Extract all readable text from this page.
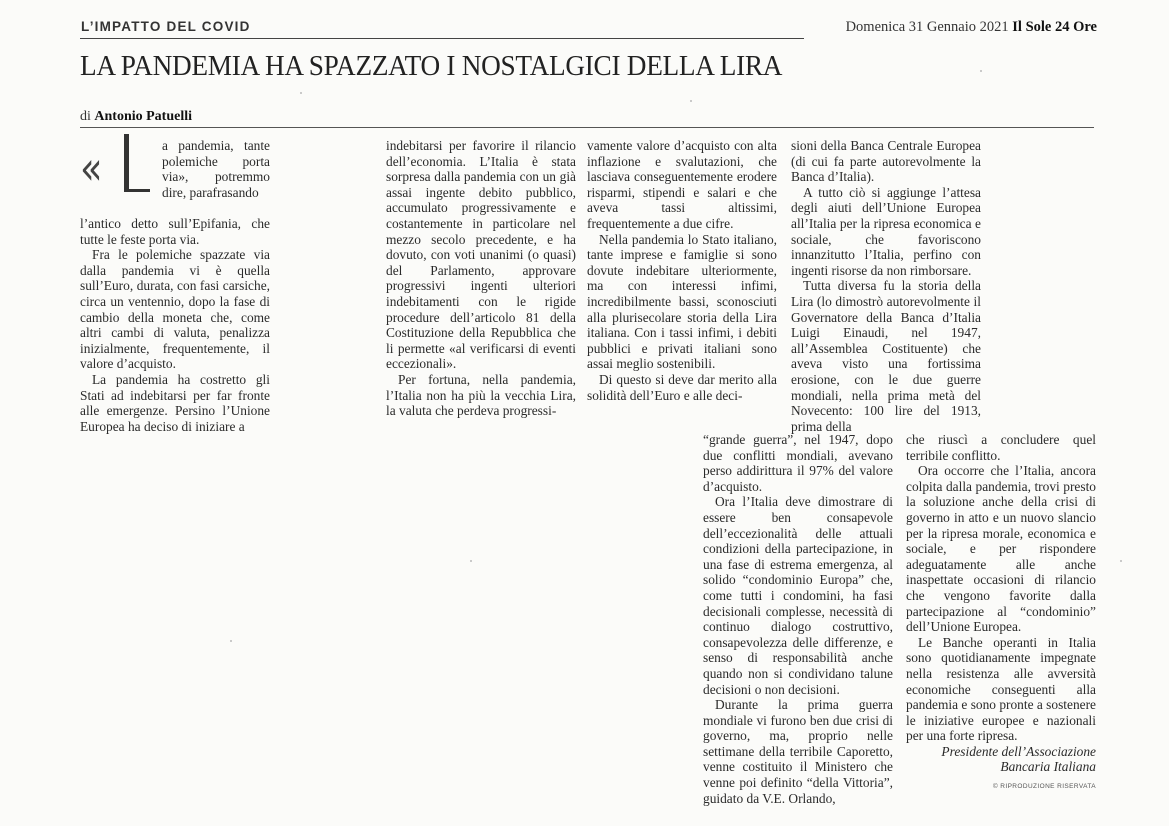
L’IMPATTO DEL COVID	Domenica 31 Gennaio 2021 Il Sole 24 Ore
LA PANDEMIA HA SPAZZATO I NOSTALGICI DELLA LIRA
di Antonio Patuelli
«	a pandemia, tante polemiche porta via», potremmo dire, parafrasando

l’antico detto sull’Epifania, che tutte le feste porta via.

Fra le polemiche spazzate via dalla pandemia vi è quella sull’Euro, durata, con fasi carsiche, circa un ventennio, dopo la fase di cambio della moneta che, come altri cambi di valuta, penalizza inizialmente, frequentemente, il valore d’acquisto.

La pandemia ha costretto gli Stati ad indebitarsi per far fronte alle emergenze. Persino l’Unione Europea ha deciso di iniziare a

indebitarsi per favorire il rilancio dell’economia. L’Italia è stata sorpresa dalla pandemia con un già assai ingente debito pubblico, accumulato progressivamente e costantemente in particolare nel mezzo secolo precedente, e ha dovuto, con voti unanimi (o quasi) del Parlamento, approvare progressivi ingenti ulteriori indebitamenti con le rigide procedure dell’articolo 81 della Costituzione della Repubblica che li permette «al verificarsi di eventi eccezionali».

Per fortuna, nella pandemia, l’Italia non ha più la vecchia Lira, la valuta che perdeva progressi-

vamente valore d’acquisto con alta inflazione e svalutazioni, che lasciava conseguentemente erodere risparmi, stipendi e salari e che aveva tassi altissimi, frequentemente a due cifre.

Nella pandemia lo Stato italiano, tante imprese e famiglie si sono dovute indebitare ulteriormente, ma con interessi infimi, incredibilmente bassi, sconosciuti alla plurisecolare storia della Lira italiana. Con i tassi infimi, i debiti pubblici e privati italiani sono assai meglio sostenibili.

Di questo si deve dar merito alla solidità dell’Euro e alle deci-

sioni della Banca Centrale Europea (di cui fa parte autorevolmente la Banca d’Italia).

A tutto ciò si aggiunge l’attesa degli aiuti dell’Unione Europea all’Italia per la ripresa economica e sociale, che favoriscono innanzitutto l’Italia, perfino con ingenti risorse da non rimborsare.

Tutta diversa fu la storia della Lira (lo dimostrò autorevolmente il Governatore della Banca d’Italia Luigi Einaudi, nel 1947, all’Assemblea Costituente) che aveva visto una fortissima erosione, con le due guerre mondiali, nella prima metà del Novecento: 100 lire del 1913, prima della

“grande guerra”, nel 1947, dopo due conflitti mondiali, avevano perso addirittura il 97% del valore d’acquisto.

Ora l’Italia deve dimostrare di essere ben consapevole dell’eccezionalità delle attuali condizioni della partecipazione, in una fase di estrema emergenza, al solido “condominio Europa” che, come tutti i condomini, ha fasi decisionali complesse, necessità di continuo dialogo costruttivo, consapevolezza delle differenze, e senso di responsabilità anche quando non si condividano talune decisioni o non decisioni.

Durante la prima guerra mondiale vi furono ben due crisi di governo, ma, proprio nelle settimane della terribile Caporetto, venne costituito il Ministero che venne poi definito “della Vittoria”, guidato da V.E. Orlando,

che riuscì a concludere quel terribile conflitto.

Ora occorre che l’Italia, ancora colpita dalla pandemia, trovi presto la soluzione anche della crisi di governo in atto e un nuovo slancio per la ripresa morale, economica e sociale, e per rispondere adeguatamente alle anche inaspettate occasioni di rilancio che vengono favorite dalla partecipazione al “condominio” dell’Unione Europea.

Le Banche operanti in Italia sono quotidianamente impegnate nella resistenza alle avversità economiche conseguenti alla pandemia e sono pronte a sostenere le iniziative europee e nazionali per una forte ripresa.

Presidente dell’Associazione Bancaria Italiana

© RIPRODUZIONE RISERVATA
